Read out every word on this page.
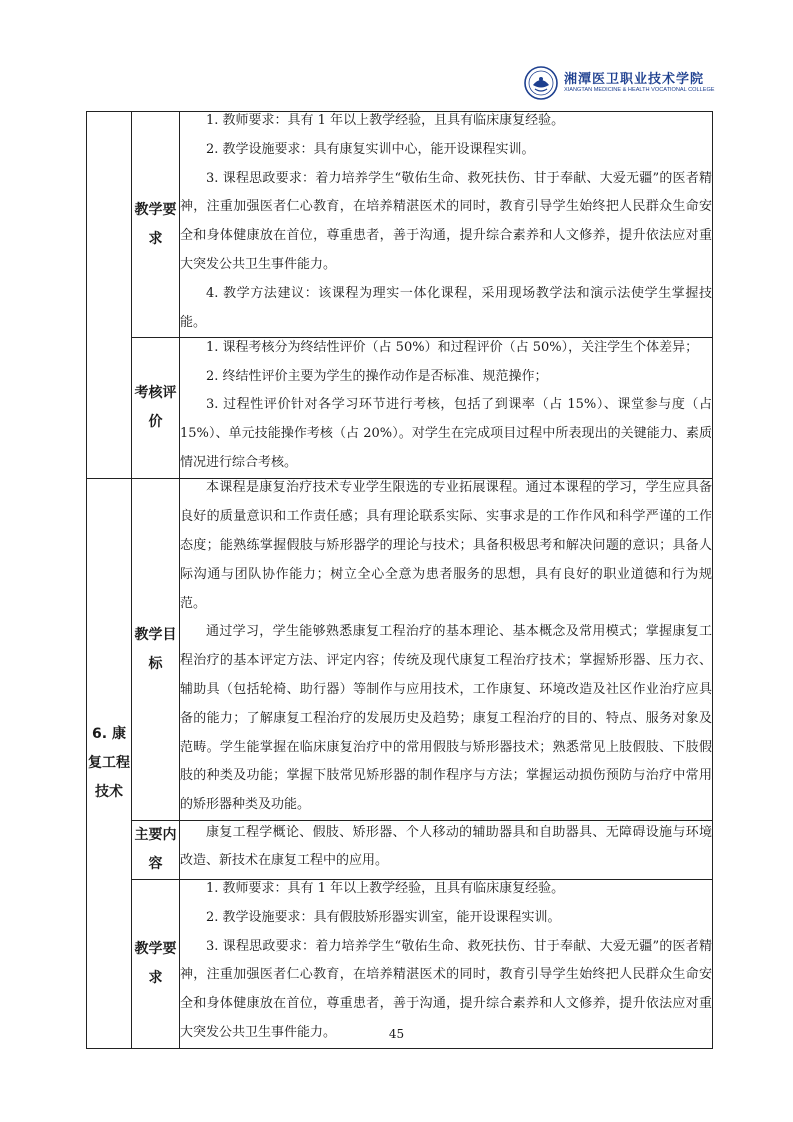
湘潭医卫职业技术学院
XIANGTAN MEDICINE & HEALTH VOCATIONAL COLLEGE
	教学要求	1. 教师要求：具有 1 年以上教学经验，且具有临床康复经验。

2. 教学设施要求：具有康复实训中心，能开设课程实训。

3. 课程思政要求：着力培养学生“敬佑生命、救死扶伤、甘于奉献、大爱无疆”的医者精神，注重加强医者仁心教育，在培养精湛医术的同时，教育引导学生始终把人民群众生命安全和身体健康放在首位，尊重患者，善于沟通，提升综合素养和人文修养，提升依法应对重大突发公共卫生事件能力。

4. 教学方法建议：该课程为理实一体化课程，采用现场教学法和演示法使学生掌握技能。

	考核评价	1. 课程考核分为终结性评价（占 50%）和过程评价（占 50%），关注学生个体差异；

2. 终结性评价主要为学生的操作动作是否标准、规范操作；

3. 过程性评价针对各学习环节进行考核，包括了到课率（占 15%）、课堂参与度（占 15%）、单元技能操作考核（占 20%）。对学生在完成项目过程中所表现出的关键能力、素质情况进行综合考核。

6. 康复工程技术	教学目标	本课程是康复治疗技术专业学生限选的专业拓展课程。通过本课程的学习，学生应具备良好的质量意识和工作责任感；具有理论联系实际、实事求是的工作作风和科学严谨的工作态度；能熟练掌握假肢与矫形器学的理论与技术；具备积极思考和解决问题的意识；具备人际沟通与团队协作能力；树立全心全意为患者服务的思想，具有良好的职业道德和行为规范。

通过学习，学生能够熟悉康复工程治疗的基本理论、基本概念及常用模式；掌握康复工程治疗的基本评定方法、评定内容；传统及现代康复工程治疗技术；掌握矫形器、压力衣、辅助具（包括轮椅、助行器）等制作与应用技术，工作康复、环境改造及社区作业治疗应具备的能力；了解康复工程治疗的发展历史及趋势；康复工程治疗的目的、特点、服务对象及范畴。学生能掌握在临床康复治疗中的常用假肢与矫形器技术；熟悉常见上肢假肢、下肢假肢的种类及功能；掌握下肢常见矫形器的制作程序与方法；掌握运动损伤预防与治疗中常用的矫形器种类及功能。

	主要内容	康复工程学概论、假肢、矫形器、个人移动的辅助器具和自助器具、无障碍设施与环境改造、新技术在康复工程中的应用。

	教学要求	1. 教师要求：具有 1 年以上教学经验，且具有临床康复经验。

2. 教学设施要求：具有假肢矫形器实训室，能开设课程实训。

3. 课程思政要求：着力培养学生“敬佑生命、救死扶伤、甘于奉献、大爱无疆”的医者精神，注重加强医者仁心教育，在培养精湛医术的同时，教育引导学生始终把人民群众生命安全和身体健康放在首位，尊重患者，善于沟通，提升综合素养和人文修养，提升依法应对重大突发公共卫生事件能力。	45
